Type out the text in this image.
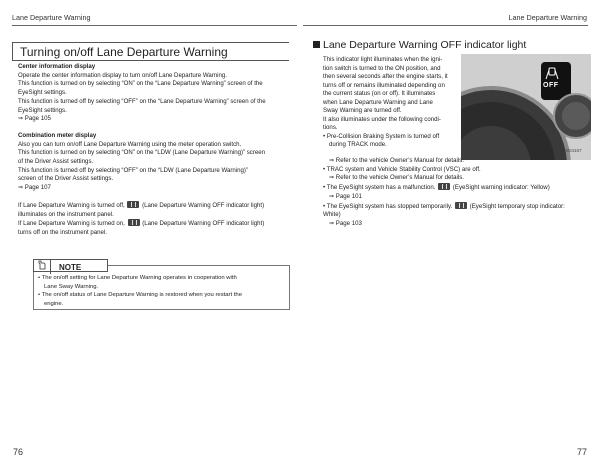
Lane Departure Warning	Lane Departure Warning
Turning on/off Lane Departure Warning

Center information display

Operate the center information display to turn on/off Lane Departure Warning.

This function is turned on by selecting “ON” on the “Lane Departure Warning” screen of the

EyeSight settings.

This function is turned off by selecting “OFF” on the “Lane Departure Warning” screen of the

EyeSight settings.

⇒ Page 105

Combination meter display

Also you can turn on/off Lane Departure Warning using the meter operation switch.

This function is turned on by selecting “ON” on the “LDW (Lane Departure Warning)” screen

of the Driver Assist settings.

This function is turned off by selecting “OFF” on the “LDW (Lane Departure Warning)”

screen of the Driver Assist settings.

⇒ Page 107

If Lane Departure Warning is turned off,	(Lane Departure Warning OFF indicator light)

illuminates on the instrument panel.

If Lane Departure Warning is turned on,	(Lane Departure Warning OFF indicator light)

turns off on the instrument panel.

NOTE

• The on/off setting for Lane Departure Warning operates in cooperation with

Lane Sway Warning.

• The on/off status of Lane Departure Warning is restored when you restart the

engine.

76
Lane Departure Warning OFF indicator light
OFF
B04167

This indicator light illuminates when the igni-

tion switch is turned to the ON position, and

then several seconds after the engine starts, it

turns off or remains illuminated depending on

the current status (on or off). It illuminates

when Lane Departure Warning and Lane

Sway Warning are turned off.

It also illuminates under the following condi-

tions.

• Pre-Collision Braking System is turned off

during TRACK mode.

⇒ Refer to the vehicle Owner’s Manual for details.

• TRAC system and Vehicle Stability Control (VSC) are off.

⇒ Refer to the vehicle Owner’s Manual for details.

• The EyeSight system has a malfunction.	(EyeSight warning indicator: Yellow)

⇒ Page 101

• The EyeSight system has stopped temporarily.	(EyeSight temporary stop indicator:

White)

⇒ Page 103

77
